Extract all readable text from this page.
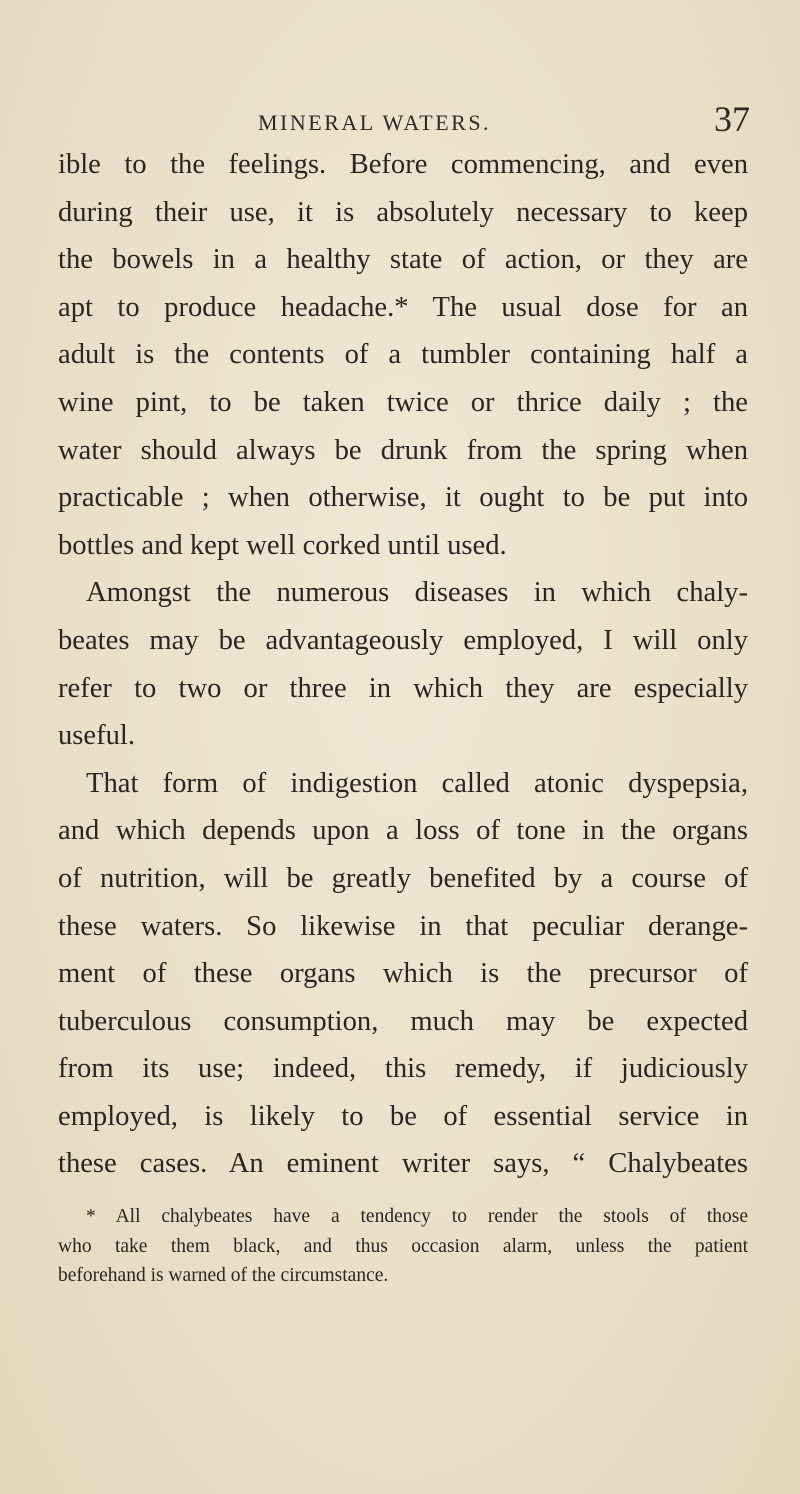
MINERAL WATERS.	37
ible to the feelings. Before commencing, and even
during their use, it is absolutely necessary to keep
the bowels in a healthy state of action, or they are
apt to produce headache.* The usual dose for an
adult is the contents of a tumbler containing half a
wine pint, to be taken twice or thrice daily ; the
water should always be drunk from the spring when
practicable ; when otherwise, it ought to be put into
bottles and kept well corked until used.
Amongst the numerous diseases in which chaly-
beates may be advantageously employed, I will only
refer to two or three in which they are especially
useful.
That form of indigestion called atonic dyspepsia,
and which depends upon a loss of tone in the organs
of nutrition, will be greatly benefited by a course of
these waters. So likewise in that peculiar derange-
ment of these organs which is the precursor of
tuberculous consumption, much may be expected
from its use; indeed, this remedy, if judiciously
employed, is likely to be of essential service in
these cases. An eminent writer says, “ Chalybeates
* All chalybeates have a tendency to render the stools of those
who take them black, and thus occasion alarm, unless the patient
beforehand is warned of the circumstance.
